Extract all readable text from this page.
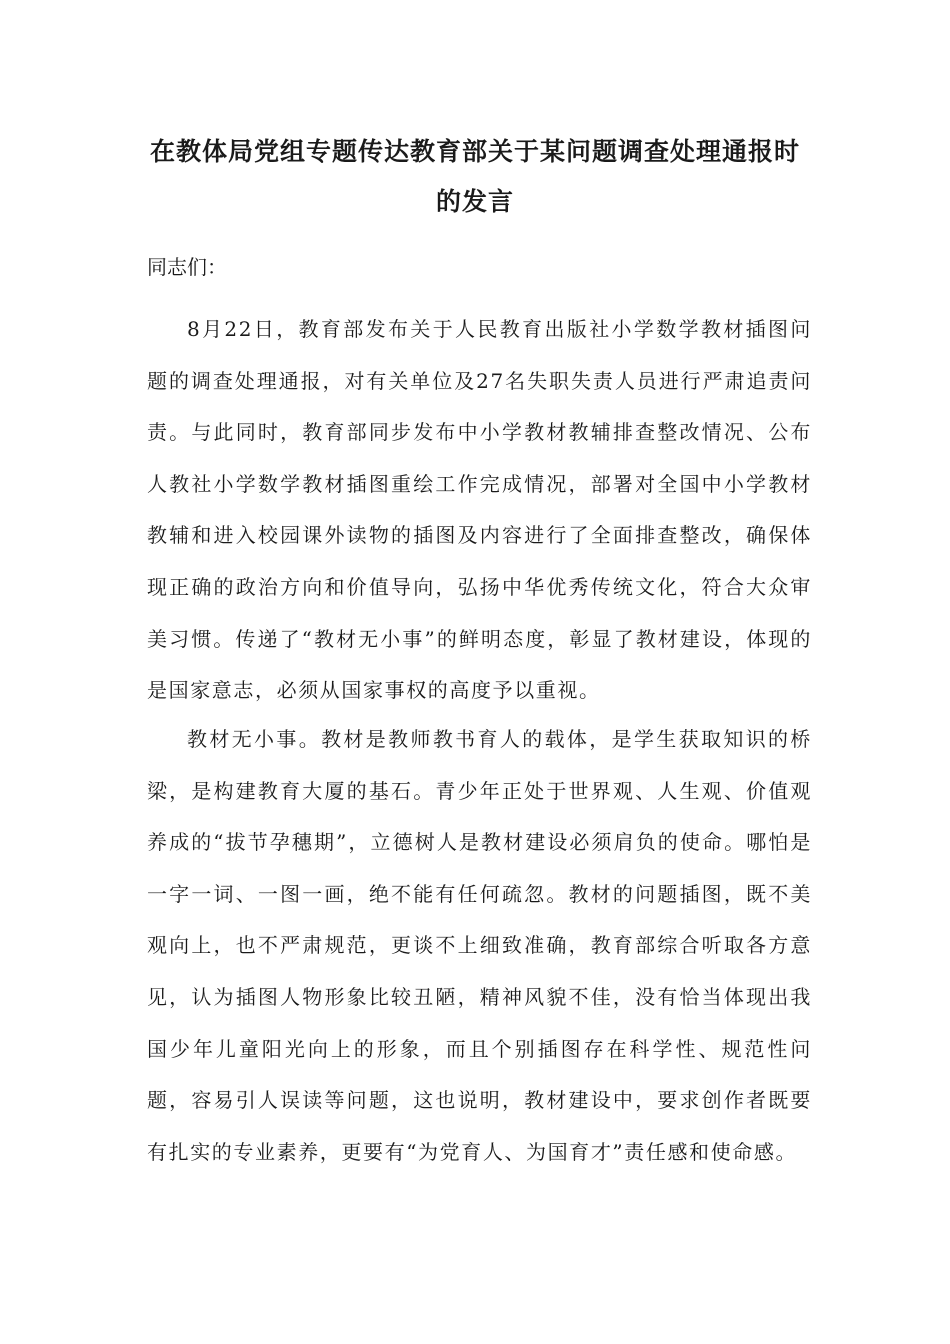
在教体局党组专题传达教育部关于某问题调查处理通报时
的发言

同志们：

8月22日，教育部发布关于人民教育出版社小学数学教材插图问题的调查处理通报，对有关单位及27名失职失责人员进行严肃追责问责。与此同时，教育部同步发布中小学教材教辅排查整改情况、公布人教社小学数学教材插图重绘工作完成情况，部署对全国中小学教材教辅和进入校园课外读物的插图及内容进行了全面排查整改，确保体现正确的政治方向和价值导向，弘扬中华优秀传统文化，符合大众审美习惯。传递了“教材无小事”的鲜明态度，彰显了教材建设，体现的是国家意志，必须从国家事权的高度予以重视。

教材无小事。教材是教师教书育人的载体，是学生获取知识的桥梁，是构建教育大厦的基石。青少年正处于世界观、人生观、价值观养成的“拔节孕穗期”，立德树人是教材建设必须肩负的使命。哪怕是一字一词、一图一画，绝不能有任何疏忽。教材的问题插图，既不美观向上，也不严肃规范，更谈不上细致准确，教育部综合听取各方意见，认为插图人物形象比较丑陋，精神风貌不佳，没有恰当体现出我国少年儿童阳光向上的形象，而且个别插图存在科学性、规范性问题，容易引人误读等问题，这也说明，教材建设中，要求创作者既要有扎实的专业素养，更要有“为党育人、为国育才”责任感和使命感。
